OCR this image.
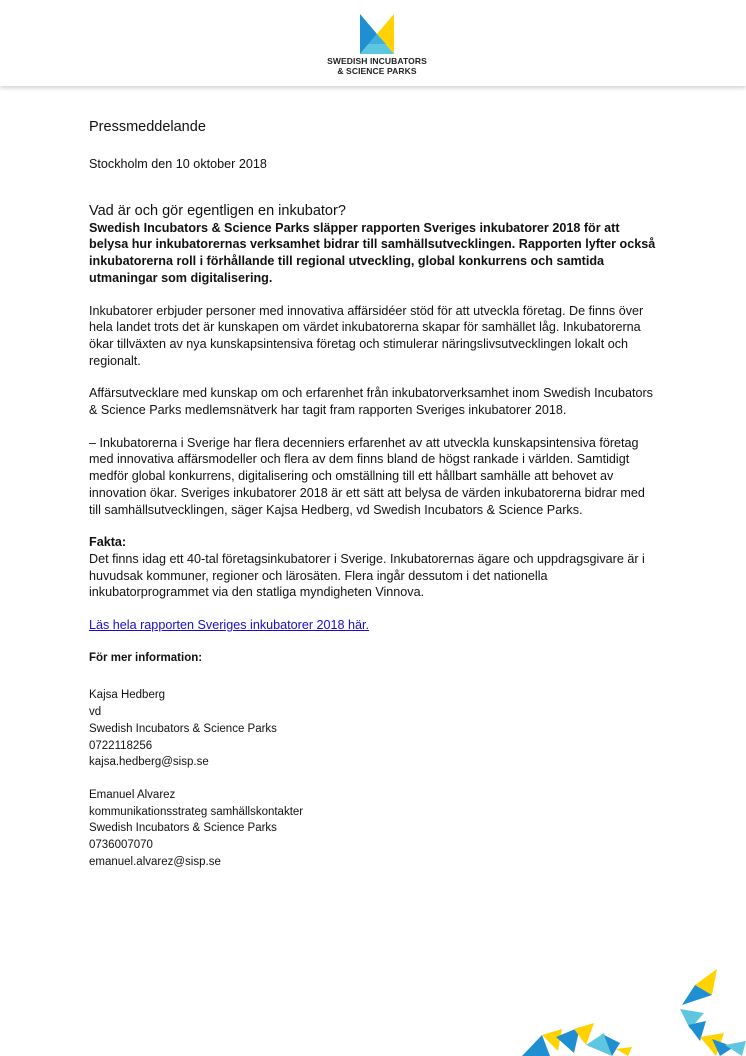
SWEDISH INCUBATORS
& SCIENCE PARKS

Pressmeddelande

Stockholm den 10 oktober 2018

Vad är och gör egentligen en inkubator?

Swedish Incubators & Science Parks släpper rapporten Sveriges inkubatorer 2018 för att belysa hur inkubatorernas verksamhet bidrar till samhällsutvecklingen. Rapporten lyfter också inkubatorerna roll i förhållande till regional utveckling, global konkurrens och samtida utmaningar som digitalisering.

Inkubatorer erbjuder personer med innovativa affärsidéer stöd för att utveckla företag. De finns över hela landet trots det är kunskapen om värdet inkubatorerna skapar för samhället låg. Inkubatorerna ökar tillväxten av nya kunskapsintensiva företag och stimulerar näringslivsutvecklingen lokalt och regionalt.

Affärsutvecklare med kunskap om och erfarenhet från inkubatorverksamhet inom Swedish Incubators & Science Parks medlemsnätverk har tagit fram rapporten Sveriges inkubatorer 2018.

– Inkubatorerna i Sverige har flera decenniers erfarenhet av att utveckla kunskapsintensiva företag med innovativa affärsmodeller och flera av dem finns bland de högst rankade i världen. Samtidigt medför global konkurrens, digitalisering och omställning till ett hållbart samhälle att behovet av innovation ökar. Sveriges inkubatorer 2018 är ett sätt att belysa de värden inkubatorerna bidrar med till samhällsutvecklingen, säger Kajsa Hedberg, vd Swedish Incubators & Science Parks.

Fakta:

Det finns idag ett 40-tal företagsinkubatorer i Sverige. Inkubatorernas ägare och uppdragsgivare är i huvudsak kommuner, regioner och lärosäten. Flera ingår dessutom i det nationella inkubatorprogrammet via den statliga myndigheten Vinnova.

Läs hela rapporten Sveriges inkubatorer 2018 här.

För mer information:

Kajsa Hedberg
vd
Swedish Incubators & Science Parks
0722118256
kajsa.hedberg@sisp.se
Emanuel Alvarez
kommunikationsstrateg samhällskontakter
Swedish Incubators & Science Parks
0736007070
emanuel.alvarez@sisp.se
